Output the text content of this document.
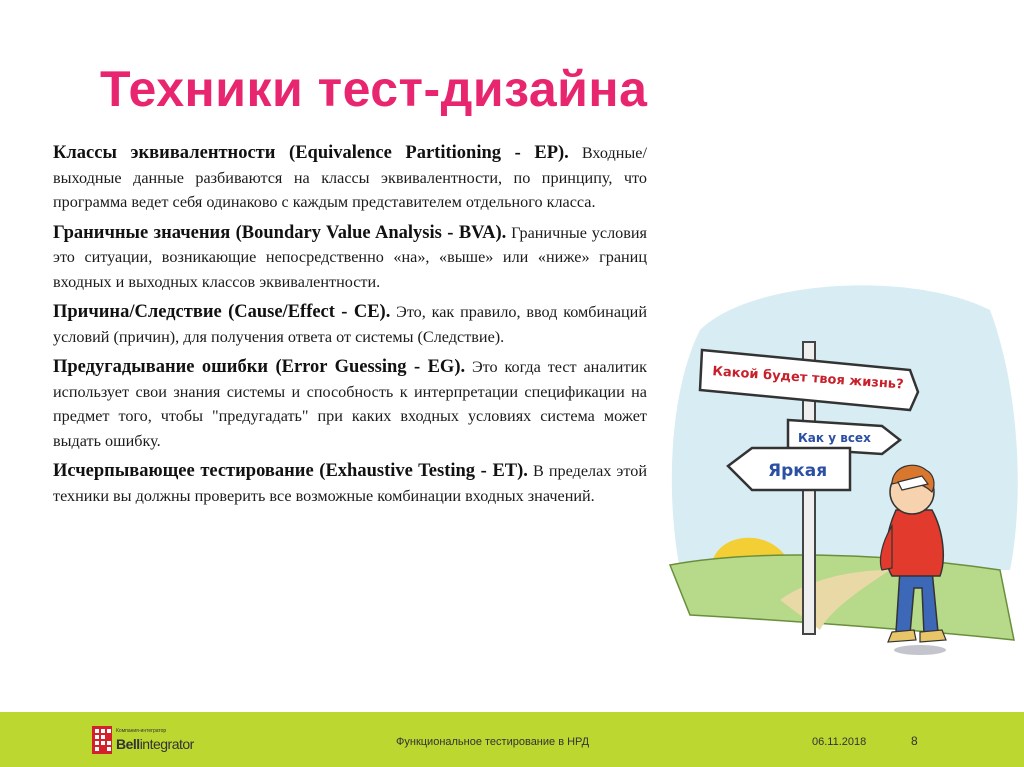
Техники тест-дизайна

Классы эквивалентности (Equivalence Partitioning - EP). Входные/выходные данные разбиваются на классы эквивалентности, по принципу, что программа ведет себя одинаково с каждым представителем отдельного класса.

Граничные значения (Boundary Value Analysis - BVA). Граничные условия это ситуации, возникающие непосредственно «на», «выше» или «ниже» границ входных и выходных классов эквивалентности.

Причина/Следствие (Cause/Effect - CE). Это, как правило, ввод комбинаций условий (причин), для получения ответа от системы (Следствие).

Предугадывание ошибки (Error Guessing - EG). Это когда тест аналитик использует свои знания системы и способность к интерпретации спецификации на предмет того, чтобы "предугадать" при каких входных условиях система может выдать ошибку.

Исчерпывающее тестирование (Exhaustive Testing - ET). В пределах этой техники вы должны проверить все возможные комбинации входных значений.

Какой будет твоя жизнь?
Как у всех
Яркая
Компания-интегратор
Bellintegrator	Функциональное тестирование в НРД	06.11.2018	8
